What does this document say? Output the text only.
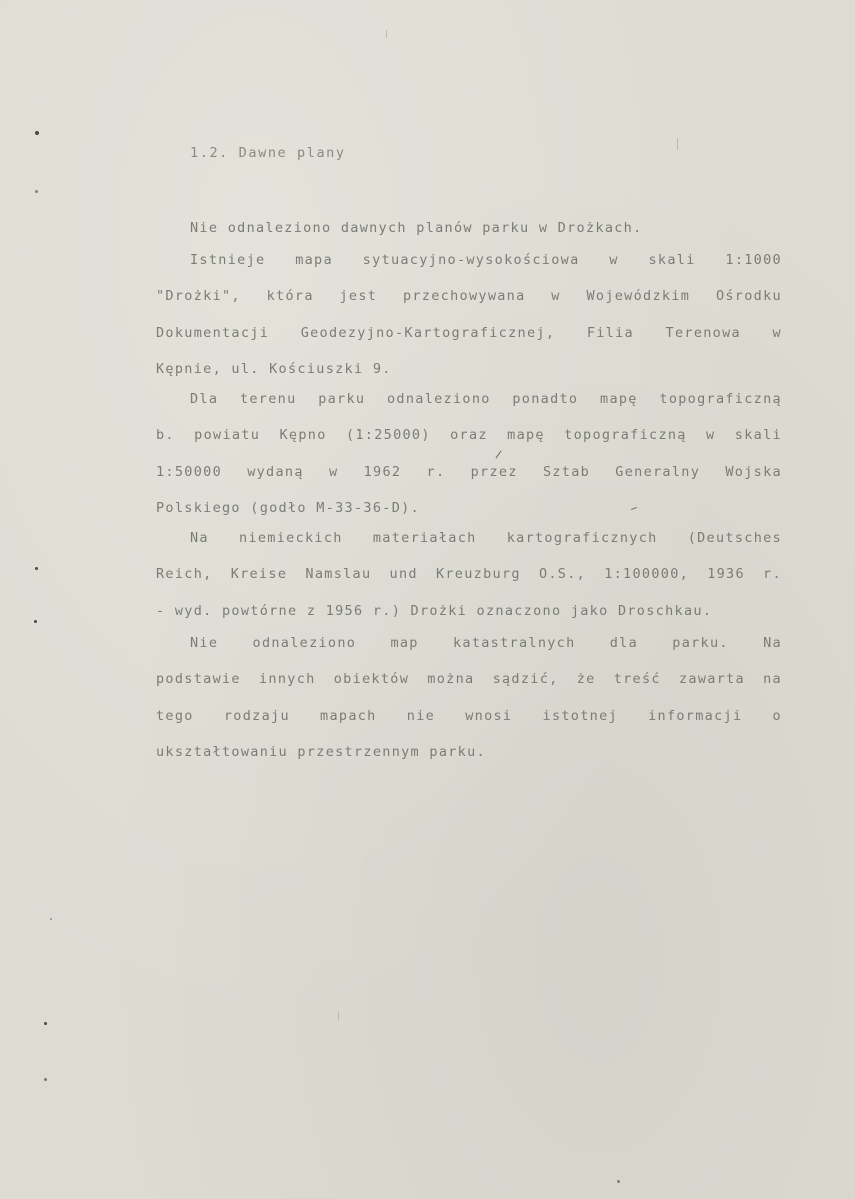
1.2. Dawne plany
Nie odnaleziono dawnych planów parku w Drożkach.
Istnieje mapa sytuacyjno-wysokościowa w skali 1:1000
"Drożki", która jest przechowywana w Wojewódzkim Ośrodku
Dokumentacji Geodezyjno-Kartograficznej, Filia Terenowa w
Kępnie, ul. Kościuszki 9.
Dla terenu parku odnaleziono ponadto mapę topograficzną
b. powiatu Kępno (1:25000) oraz mapę topograficzną w skali
1:50000 wydaną w 1962 r. przez Sztab Generalny Wojska
Polskiego (godło M-33-36-D).
Na niemieckich materiałach kartograficznych (Deutsches
Reich, Kreise Namslau und Kreuzburg O.S., 1:100000, 1936 r.
- wyd. powtórne z 1956 r.) Drożki oznaczono jako Droschkau.
Nie	odnaleziono	map	katastralnych	dla	parku.	Na
podstawie innych obiektów można sądzić, że treść zawarta na
tego rodzaju mapach nie wnosi istotnej informacji o
ukształtowaniu przestrzennym parku.
